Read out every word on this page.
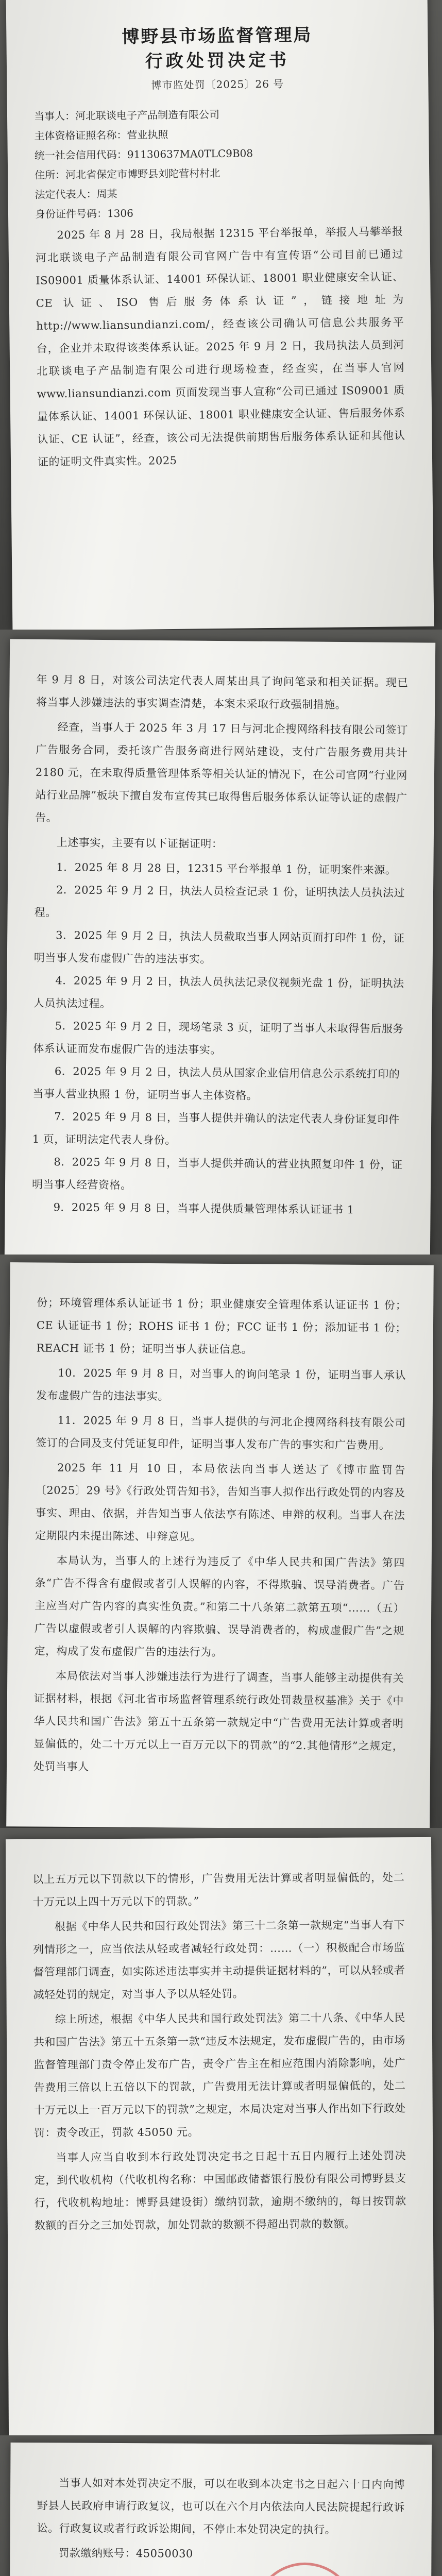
博野县市场监督管理局
行政处罚决定书
博市监处罚〔2025〕26 号

当事人：河北联谈电子产品制造有限公司

主体资格证照名称：营业执照

统一社会信用代码：91130637MA0TLC9B08

住所：河北省保定市博野县刘陀营村村北

法定代表人：周某

身份证件号码：1306

2025 年 8 月 28 日，我局根据 12315 平台举报单，举报人马攀举报河北联谈电子产品制造有限公司官网广告中有宣传语“公司目前已通过 IS09001 质量体系认证、14001 环保认证、18001 职业健康安全认证、CE 认证、ISO 售后服务体系认证”，链接地址为 http://www.liansundianzi.com/，经查该公司确认可信息公共服务平台，企业并未取得该类体系认证。2025 年 9 月 2 日，我局执法人员到河北联谈电子产品制造有限公司进行现场检查，经查实，在当事人官网 www.liansundianzi.com 页面发现当事人宣称“公司已通过 IS09001 质量体系认证、14001 环保认证、18001 职业健康安全认证、售后服务体系认证、CE 认证”，经查，该公司无法提供前期售后服务体系认证和其他认证的证明文件真实性。2025

年 9 月 8 日，对该公司法定代表人周某出具了询问笔录和相关证据。现已将当事人涉嫌违法的事实调查清楚，本案未采取行政强制措施。

经查，当事人于 2025 年 3 月 17 日与河北企搜网络科技有限公司签订广告服务合同，委托该广告服务商进行网站建设，支付广告服务费用共计 2180 元，在未取得质量管理体系等相关认证的情况下，在公司官网“行业网站行业品牌”板块下擅自发布宣传其已取得售后服务体系认证等认证的虚假广告。

上述事实，主要有以下证据证明：

1．2025 年 8 月 28 日，12315 平台举报单 1 份，证明案件来源。
2．2025 年 9 月 2 日，执法人员检查记录 1 份，证明执法人员执法过程。
3．2025 年 9 月 2 日，执法人员截取当事人网站页面打印件 1 份，证明当事人发布虚假广告的违法事实。
4．2025 年 9 月 2 日，执法人员执法记录仪视频光盘 1 份，证明执法人员执法过程。
5．2025 年 9 月 2 日，现场笔录 3 页，证明了当事人未取得售后服务体系认证而发布虚假广告的违法事实。
6．2025 年 9 月 2 日，执法人员从国家企业信用信息公示系统打印的当事人营业执照 1 份，证明当事人主体资格。
7．2025 年 9 月 8 日，当事人提供并确认的法定代表人身份证复印件 1 页，证明法定代表人身份。
8．2025 年 9 月 8 日，当事人提供并确认的营业执照复印件 1 份，证明当事人经营资格。
9．2025 年 9 月 8 日，当事人提供质量管理体系认证证书 1

份；环境管理体系认证证书 1 份；职业健康安全管理体系认证证书 1 份；CE 认证证书 1 份；ROHS 证书 1 份；FCC 证书 1 份；添加证书 1 份；REACH 证书 1 份；证明当事人获证信息。

10．2025 年 9 月 8 日，对当事人的询问笔录 1 份，证明当事人承认发布虚假广告的违法事实。

11．2025 年 9 月 8 日，当事人提供的与河北企搜网络科技有限公司签订的合同及支付凭证复印件，证明当事人发布广告的事实和广告费用。

2025 年 11 月 10 日，本局依法向当事人送达了《博市监罚告〔2025〕29 号》《行政处罚告知书》，告知当事人拟作出行政处罚的内容及事实、理由、依据，并告知当事人依法享有陈述、申辩的权利。当事人在法定期限内未提出陈述、申辩意见。

本局认为，当事人的上述行为违反了《中华人民共和国广告法》第四条“广告不得含有虚假或者引人误解的内容，不得欺骗、误导消费者。广告主应当对广告内容的真实性负责。”和第二十八条第二款第五项“……（五）广告以虚假或者引人误解的内容欺骗、误导消费者的，构成虚假广告”之规定，构成了发布虚假广告的违法行为。

本局依法对当事人涉嫌违法行为进行了调查，当事人能够主动提供有关证据材料，根据《河北省市场监督管理系统行政处罚裁量权基准》关于《中华人民共和国广告法》第五十五条第一款规定中“广告费用无法计算或者明显偏低的，处二十万元以上一百万元以下的罚款”的“2.其他情形”之规定，处罚当事人

以上五万元以下罚款以下的情形，广告费用无法计算或者明显偏低的，处二十万元以上四十万元以下的罚款。”

根据《中华人民共和国行政处罚法》第三十二条第一款规定“当事人有下列情形之一，应当依法从轻或者减轻行政处罚：……（一）积极配合市场监督管理部门调查，如实陈述违法事实并主动提供证据材料的”，可以从轻或者减轻处罚的规定，对当事人予以从轻处罚。

综上所述，根据《中华人民共和国行政处罚法》第二十八条、《中华人民共和国广告法》第五十五条第一款“违反本法规定，发布虚假广告的，由市场监督管理部门责令停止发布广告，责令广告主在相应范围内消除影响，处广告费用三倍以上五倍以下的罚款，广告费用无法计算或者明显偏低的，处二十万元以上一百万元以下的罚款”之规定，本局决定对当事人作出如下行政处罚：责令改正，罚款 45050 元。

当事人应当自收到本行政处罚决定书之日起十五日内履行上述处罚决定，到代收机构（代收机构名称：中国邮政储蓄银行股份有限公司博野县支行，代收机构地址：博野县建设街）缴纳罚款，逾期不缴纳的，每日按罚款数额的百分之三加处罚款，加处罚款的数额不得超出罚款的数额。

当事人如对本处罚决定不服，可以在收到本决定书之日起六十日内向博野县人民政府申请行政复议，也可以在六个月内依法向人民法院提起行政诉讼。行政复议或者行政诉讼期间，不停止本处罚决定的执行。

罚款缴纳账号：45050030

★
